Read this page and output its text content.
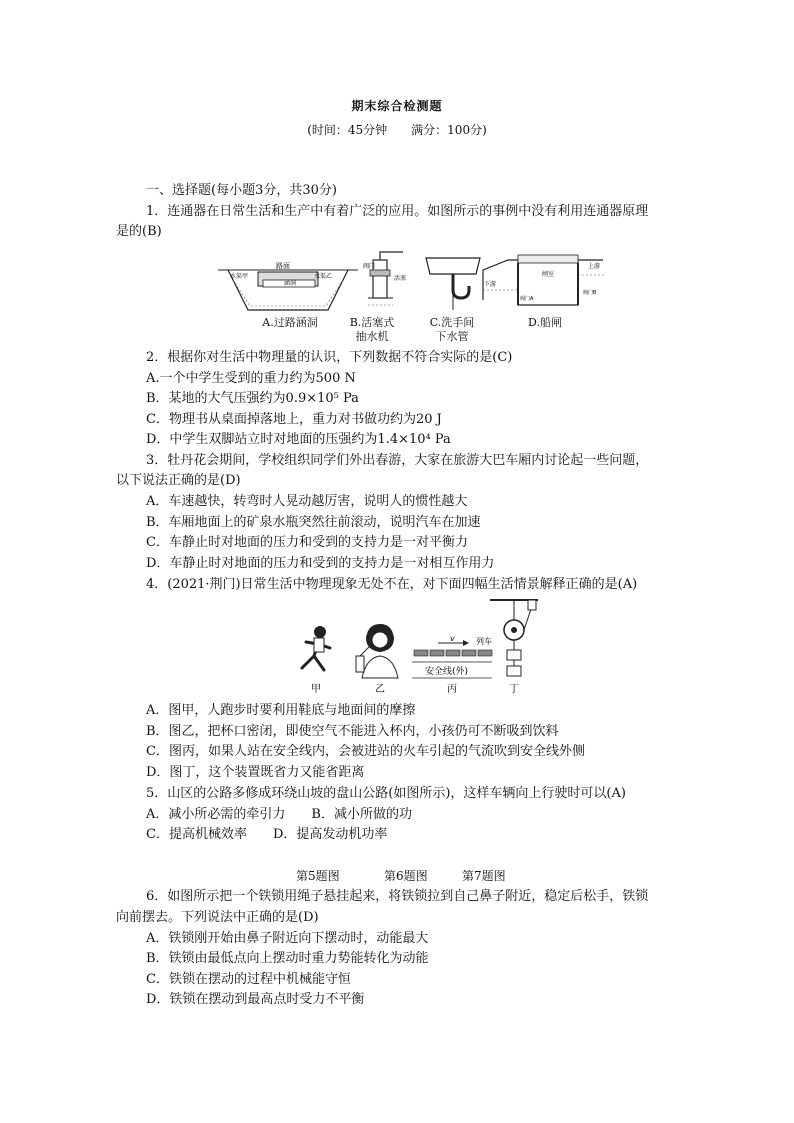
期末综合检测题
(时间：45分钟　　满分：100分)
一、选择题(每小题3分，共30分)
1．连通器在日常生活和生产中有着广泛的应用。如图所示的事例中没有利用连通器原理
是的(B)
路面
涵洞
水渠甲	水渠乙
阀门
活塞
闸室
上游
下游
阀门A
阀门B
A.过路涵洞	B.活塞式
抽水机
C.洗手间
下水管
D.船闸
2．根据你对生活中物理量的认识，下列数据不符合实际的是(C)
A.一个中学生受到的重力约为500 N
B．某地的大气压强约为0.9×10⁵ Pa
C．物理书从桌面掉落地上，重力对书做功约为20 J
D．中学生双脚站立时对地面的压强约为1.4×10⁴ Pa
3．牡丹花会期间，学校组织同学们外出春游，大家在旅游大巴车厢内讨论起一些问题，
以下说法正确的是(D)
A．车速越快，转弯时人晃动越厉害，说明人的惯性越大
B．车厢地面上的矿泉水瓶突然往前滚动，说明汽车在加速
C．车静止时对地面的压力和受到的支持力是一对平衡力
D．车静止时对地面的压力和受到的支持力是一对相互作用力
4．(2021·荆门)日常生活中物理现象无处不在，对下面四幅生活情景解释正确的是(A)
v	列车
安全线(外)
甲	乙	丙	丁
A．图甲，人跑步时要利用鞋底与地面间的摩擦
B．图乙，把杯口密闭，即使空气不能进入杯内，小孩仍可不断吸到饮料
C．图丙，如果人站在安全线内，会被进站的火车引起的气流吹到安全线外侧
D．图丁，这个装置既省力又能省距离
5．山区的公路多修成环绕山坡的盘山公路(如图所示)，这样车辆向上行驶时可以(A)
A．减小所必需的牵引力　　B．减小所做的功
C．提高机械效率　　D．提高发动机功率
第5题图	第6题图	第7题图
6．如图所示把一个铁锁用绳子悬挂起来，将铁锁拉到自己鼻子附近，稳定后松手，铁锁
向前摆去。下列说法中正确的是(D)
A．铁锁刚开始由鼻子附近向下摆动时，动能最大
B．铁锁由最低点向上摆动时重力势能转化为动能
C．铁锁在摆动的过程中机械能守恒
D．铁锁在摆动到最高点时受力不平衡
